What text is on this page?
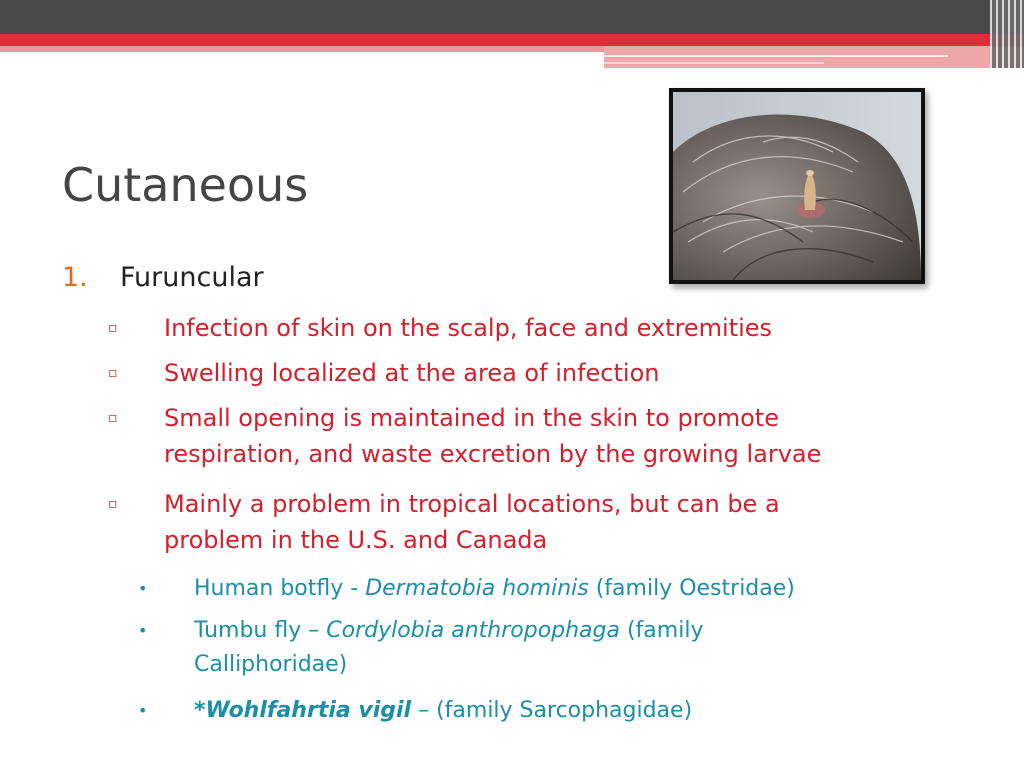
Cutaneous
1. Furuncular
▫ Infection of skin on the scalp, face and extremities
▫ Swelling localized at the area of infection
▫ Small opening is maintained in the skin to promote
respiration, and waste excretion by the growing larvae
▫ Mainly a problem in tropical locations, but can be a
problem in the U.S. and Canada
• Human botfly - Dermatobia hominis (family Oestridae)
• Tumbu fly – Cordylobia anthropophaga (family
Calliphoridae)
• *Wohlfahrtia vigil – (family Sarcophagidae)
